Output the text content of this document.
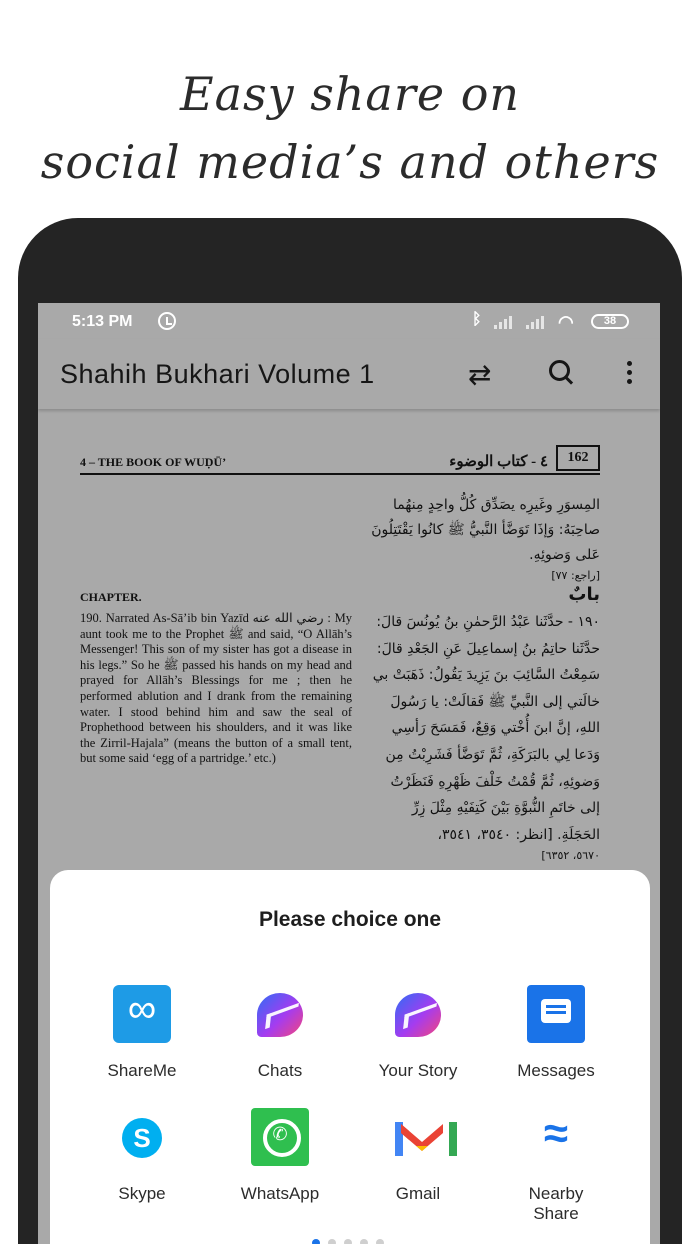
Easy share on
social media’s and others
5:13 PM	ᛒ	◠	38
Shahih Bukhari Volume 1	⇄
4 – THE BOOK OF WUḌŪ’	٤ - كتاب الوضوء	162
المِسوَرِ وغَيرِه يصَدِّق كُلُّ واحِدٍ مِنهُما صاحِبَهُ: وَإذَا تَوَضَّأ النَّبيُّ ﷺ كانُوا يَقْتَتِلُونَ عَلى وَضوئِهِ.
[راجع: ٧٧]
بابٌ
١٩٠ - حدَّثَنا عَبْدُ الرَّحمٰنِ بنُ يُونُسَ قالَ: حدَّثَنا حاتِمُ بنُ إسماعِيلَ عَنِ الجَعْدِ قالَ: سَمِعْتُ السَّائِبَ بنَ يَزِيدَ يَقُولُ: ذَهَبَتْ بي خالَتي إلى النَّبيِّ ﷺ فَقالَتْ: يا رَسُولَ اللهِ، إنَّ ابنَ أُخْتي وَقِعٌ، فَمَسَحَ رَأسِي وَدَعا لِي بالبَرَكَةِ، ثُمَّ تَوَضَّأ فَشَرِبْتُ مِن وَضوئِهِ، ثُمَّ قُمْتُ خَلْفَ ظَهْرِهِ فَنَظَرْتُ إلى خاتَمِ النُّبوَّةِ بَيْنَ كَتِفَيْهِ مِثْلَ زِرِّ الحَجَلَةِ. [انظر: ٣٥٤٠، ٣٥٤١،
٥٦٧٠، ٦٣٥٢]
CHAPTER.
190. Narrated As-Sā’ib bin Yazīd رضي الله عنه : My aunt took me to the Prophet ﷺ and said, “O Allāh’s Messenger! This son of my sister has got a disease in his legs.” So he ﷺ passed his hands on my head and prayed for Allāh’s Blessings for me ; then he performed ablution and I drank from the remaining water. I stood behind him and saw the seal of Prophethood between his shoulders, and it was like the Zirril-Hajala” (means the button of a small tent, but some said ‘egg of a partridge.’ etc.)
Please choice one
∞
ShareMe	Chats	Your Story	Messages
S
Skype
✆	WhatsApp	Gmail
≈	Nearby Share
